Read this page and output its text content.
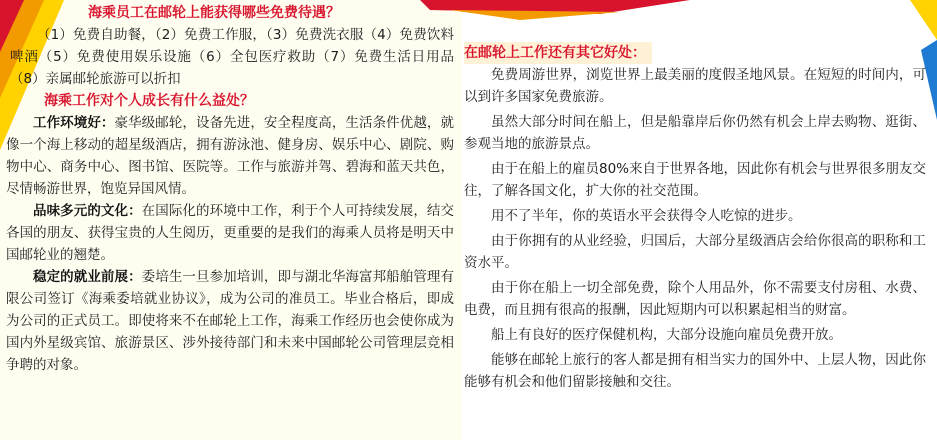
海乘员工在邮轮上能获得哪些免费待遇？
（1）免费自助餐，（2）免费工作服，（3）免费洗衣服（4）免费饮料啤酒（5）免费使用娱乐设施（6）全包医疗救助（7）免费生活日用品（8）亲属邮轮旅游可以折扣
海乘工作对个人成长有什么益处？
工作环境好：豪华级邮轮，设备先进，安全程度高，生活条件优越，就像一个海上移动的超星级酒店，拥有游泳池、健身房、娱乐中心、剧院、购物中心、商务中心、图书馆、医院等。工作与旅游并驾、碧海和蓝天共色，尽情畅游世界，饱览异国风情。
品味多元的文化：在国际化的环境中工作，利于个人可持续发展，结交各国的朋友、获得宝贵的人生阅历，更重要的是我们的海乘人员将是明天中国邮轮业的翘楚。
稳定的就业前展：委培生一旦参加培训，即与湖北华海富邦船舶管理有限公司签订《海乘委培就业协议》，成为公司的准员工。毕业合格后，即成为公司的正式员工。即使将来不在邮轮上工作，海乘工作经历也会使你成为国内外星级宾馆、旅游景区、涉外接待部门和未来中国邮轮公司管理层竞相争聘的对象。
在邮轮上工作还有其它好处：
免费周游世界，浏览世界上最美丽的度假圣地风景。在短短的时间内，可以到许多国家免费旅游。
虽然大部分时间在船上，但是船靠岸后你仍然有机会上岸去购物、逛街、参观当地的旅游景点。
由于在船上的雇员80%来自于世界各地，因此你有机会与世界很多朋友交往，了解各国文化，扩大你的社交范围。
用不了半年，你的英语水平会获得令人吃惊的进步。
由于你拥有的从业经验，归国后，大部分星级酒店会给你很高的职称和工资水平。
由于你在船上一切全部免费，除个人用品外，你不需要支付房租、水费、电费，而且拥有很高的报酬，因此短期内可以积累起相当的财富。
船上有良好的医疗保健机构，大部分设施向雇员免费开放。
能够在邮轮上旅行的客人都是拥有相当实力的国外中、上层人物，因此你能够有机会和他们留影接触和交往。
